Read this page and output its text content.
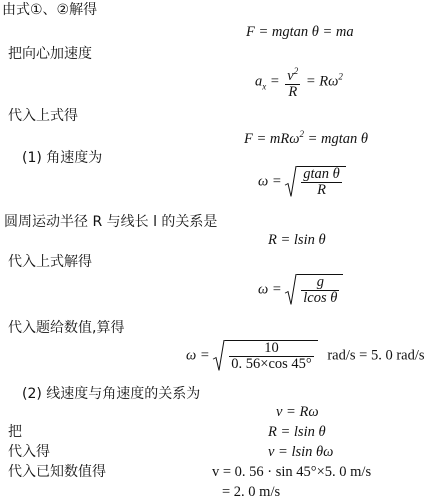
由式①、②解得
F = mgtan θ = ma
把向心加速度
$a_x = \frac{v^2}{R} = R\omega^2$
代入上式得
F = mRω$^2$ = mgtan θ
(1) 角速度为
$\omega = \frac{\text{gtan θ}}{R}$
圆周运动半径 R 与线长 l 的关系是
R = lsin θ
代入上式解得
$\omega = \frac{g}{\text{lcos θ}}$
代入题给数值,算得
$\omega = \frac{10}{0. 56\times\cos 45^\circ} rad/s = 5$. 0 rad/s
(2) 线速度与角速度的关系为
v = Rω
把	R = lsin θ
代入得	v = lsin θω
代入已知数值得	v = 0. 56 · sin 45°×5. 0 m/s
= 2. 0 m/s
